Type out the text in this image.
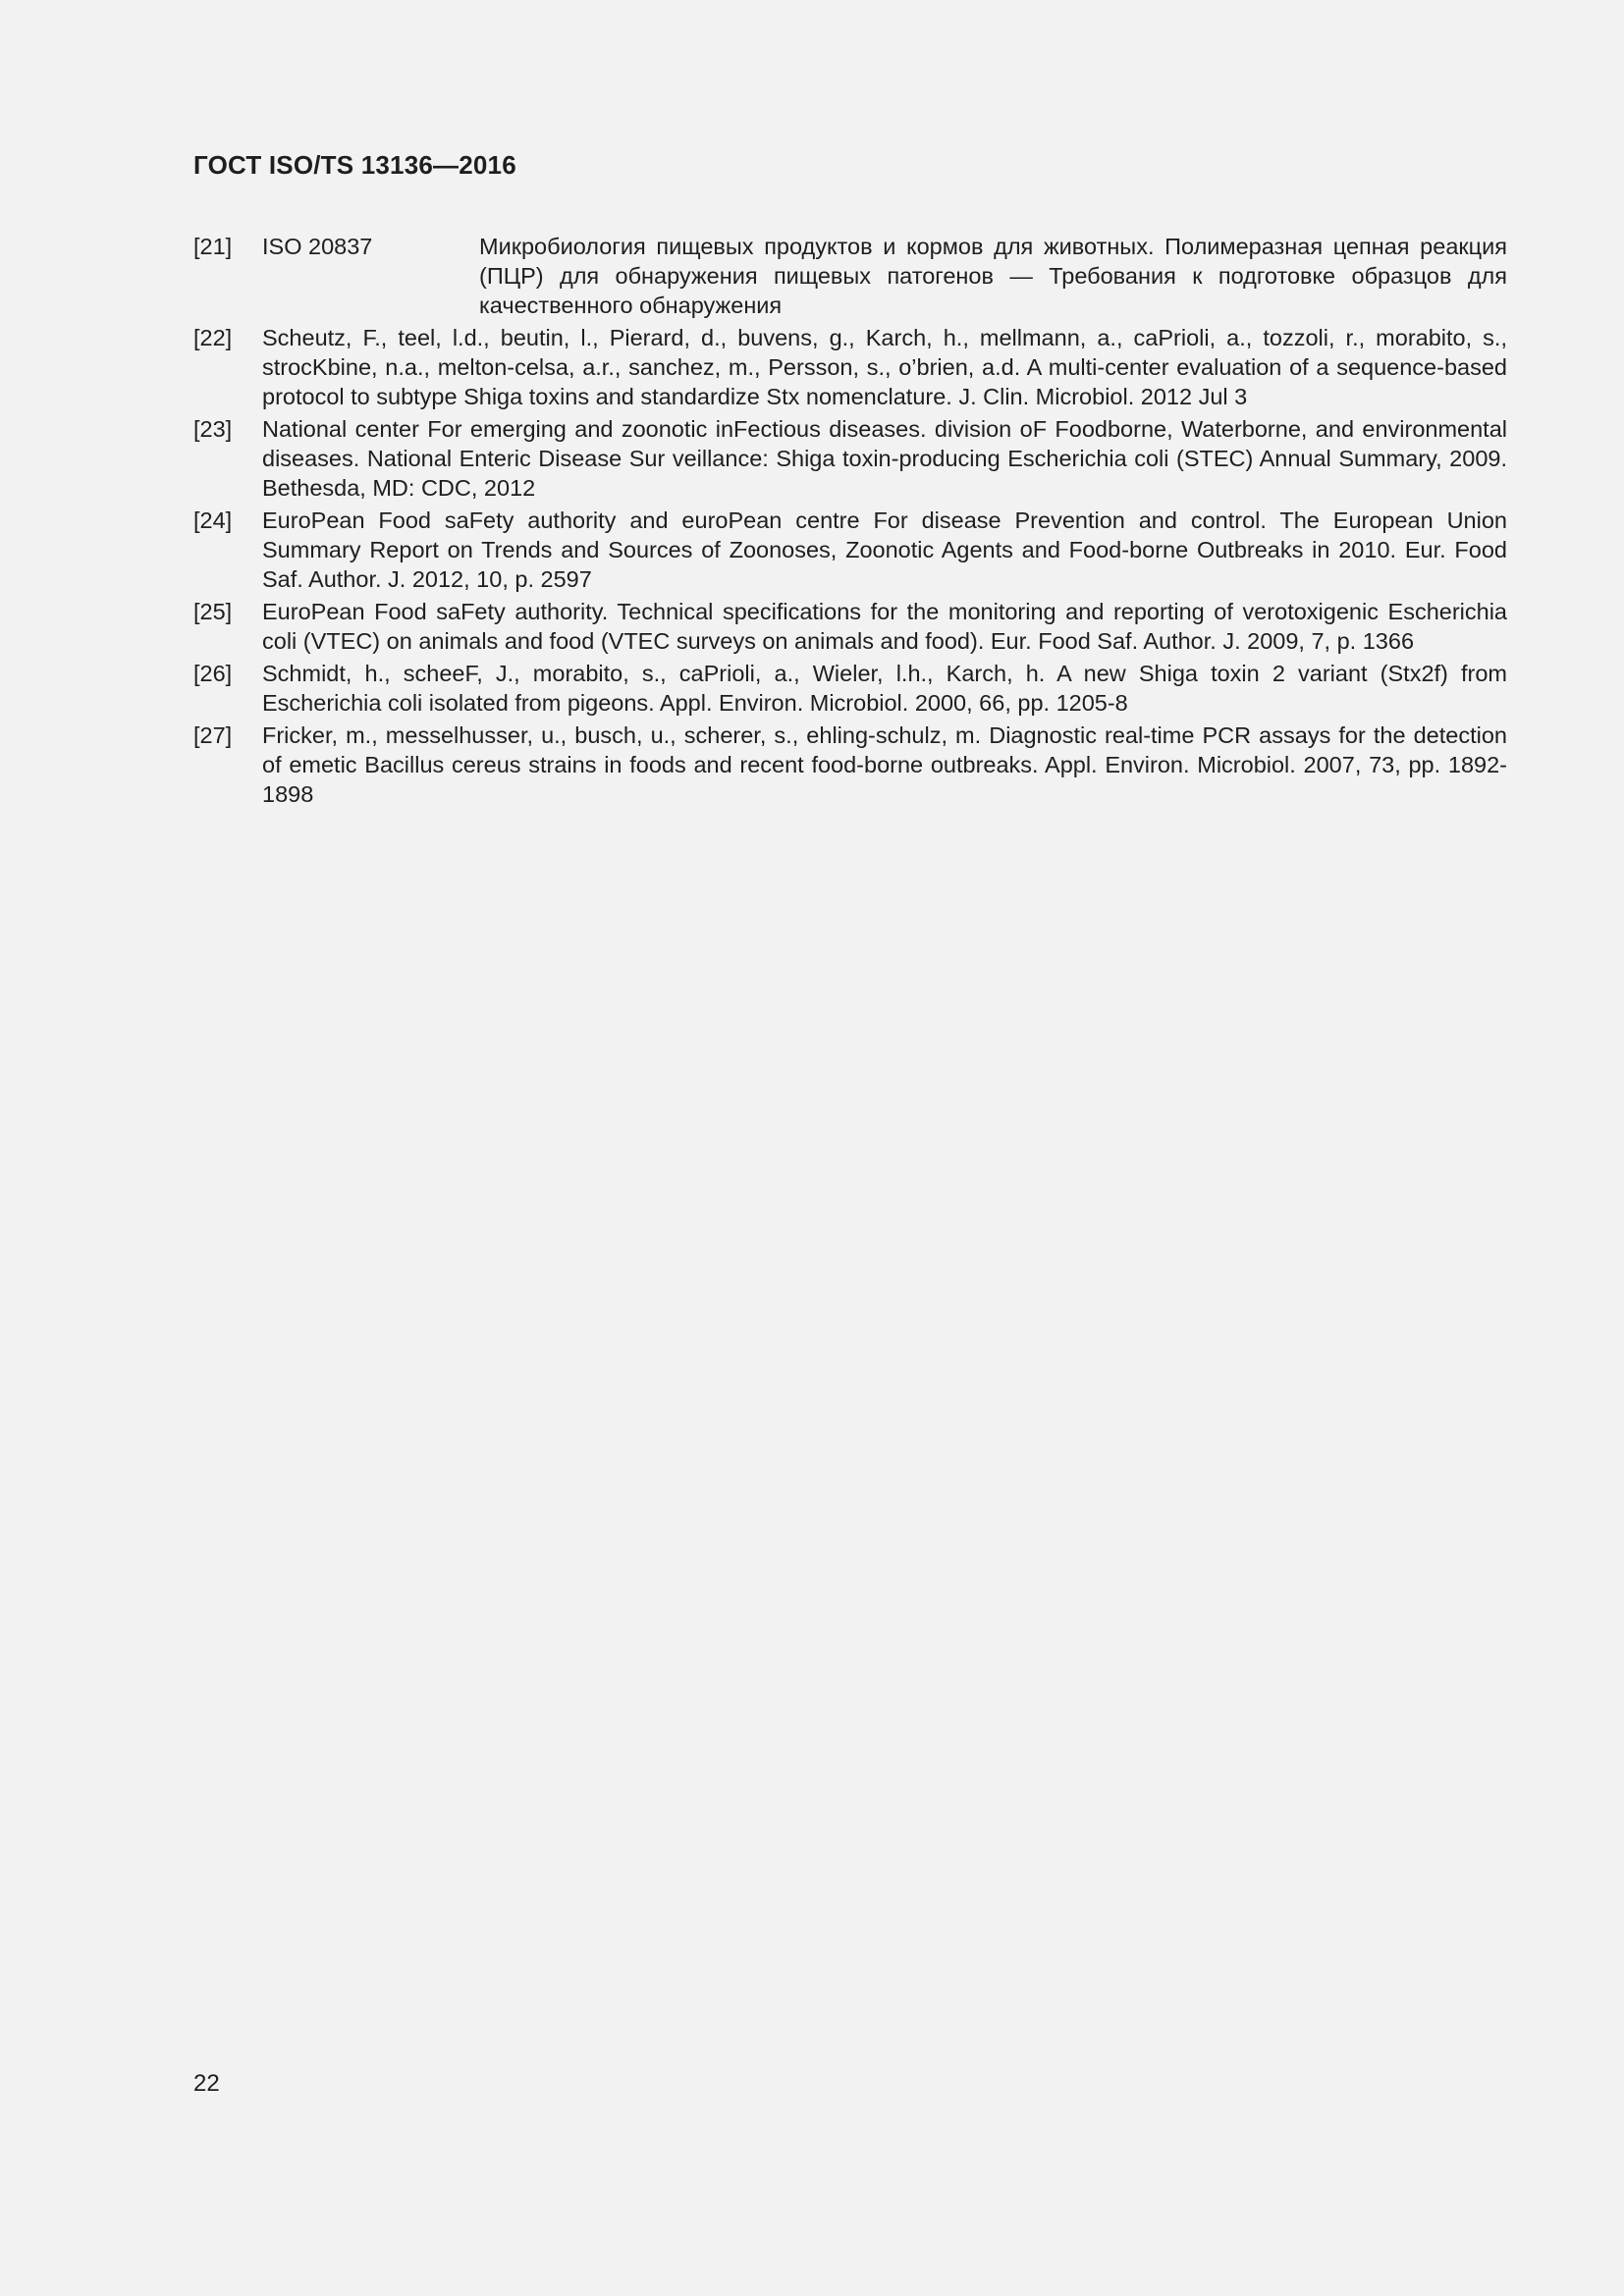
ГОСТ ISO/TS 13136—2016
[21]	ISO 20837	Микробиология пищевых продуктов и кормов для животных. Полимеразная цепная реакция (ПЦР) для обнаружения пищевых патогенов — Требования к подготовке образцов для качественного обнаружения
[22]	Scheutz, F., teel, l.d., beutin, l., Pierard, d., buvens, g., Karch, h., mellmann, a., caPrioli, a., tozzoli, r., morabito, s., strocKbine, n.a., melton-celsa, a.r., sanchez, m., Persson, s., o’brien, a.d. A multi-center evaluation of a sequence-based protocol to subtype Shiga toxins and standardize Stx nomenclature. J. Clin. Microbiol. 2012 Jul 3
[23]	National center For emerging and zoonotic inFectious diseases. division oF Foodborne, Waterborne, and environmental diseases. National Enteric Disease Sur veillance: Shiga toxin-producing Escherichia coli (STEC) Annual Summary, 2009. Bethesda, MD: CDC, 2012
[24]	EuroPean Food saFety authority and euroPean centre For disease Prevention and control. The European Union Summary Report on Trends and Sources of Zoonoses, Zoonotic Agents and Food-borne Outbreaks in 2010. Eur. Food Saf. Author. J. 2012, 10, p. 2597
[25]	EuroPean Food saFety authority. Technical specifications for the monitoring and reporting of verotoxigenic Escherichia coli (VTEC) on animals and food (VTEC surveys on animals and food). Eur. Food Saf. Author. J. 2009, 7, p. 1366
[26]	Schmidt, h., scheeF, J., morabito, s., caPrioli, a., Wieler, l.h., Karch, h. A new Shiga toxin 2 variant (Stx2f) from Escherichia coli isolated from pigeons. Appl. Environ. Microbiol. 2000, 66, pp. 1205-8
[27]	Fricker, m., messelhusser, u., busch, u., scherer, s., ehling-schulz, m. Diagnostic real-time PCR assays for the detection of emetic Bacillus cereus strains in foods and recent food-borne outbreaks. Appl. Environ. Microbiol. 2007, 73, pp. 1892-1898
22
